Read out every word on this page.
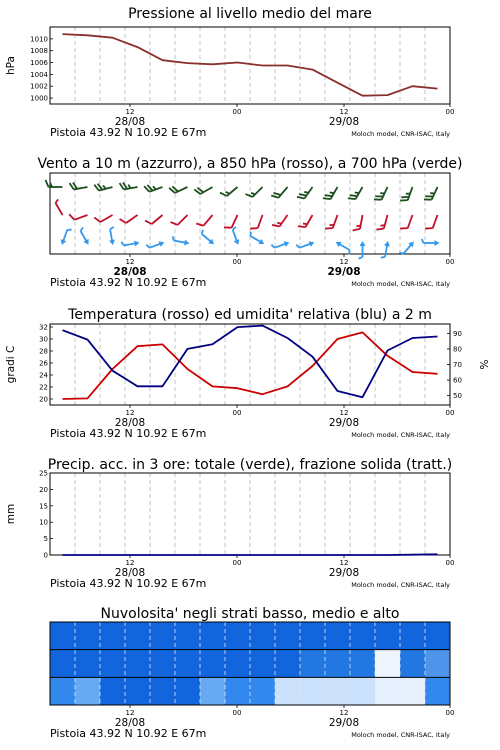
Pressione al livello medio del mare
12	00	12	00
28/08	29/08
Pistoia 43.92 N 10.92 E 67m	Moloch model, CNR-ISAC, Italy
1000
1002
1004
1006
1008
1010
hPa
Vento a 10 m (azzurro), a 850 hPa (rosso), a 700 hPa (verde)
12	00	12	00
28/08	29/08
Pistoia 43.92 N 10.92 E 67m	Moloch model, CNR-ISAC, Italy
Temperatura (rosso) ed umidita' relativa (blu) a 2 m
12	00	12	00
28/08	29/08
Pistoia 43.92 N 10.92 E 67m	Moloch model, CNR-ISAC, Italy
20
22
24
26
28
30
32
gradi C
50
60
70
80
90
%
Precip. acc. in 3 ore: totale (verde), frazione solida (tratt.)
12	00	12	00
28/08	29/08
Pistoia 43.92 N 10.92 E 67m	Moloch model, CNR-ISAC, Italy
0
5
10
15
20
25
mm
Nuvolosita' negli strati basso, medio e alto
12	00	12	00
28/08	29/08
Pistoia 43.92 N 10.92 E 67m	Moloch model, CNR-ISAC, Italy
